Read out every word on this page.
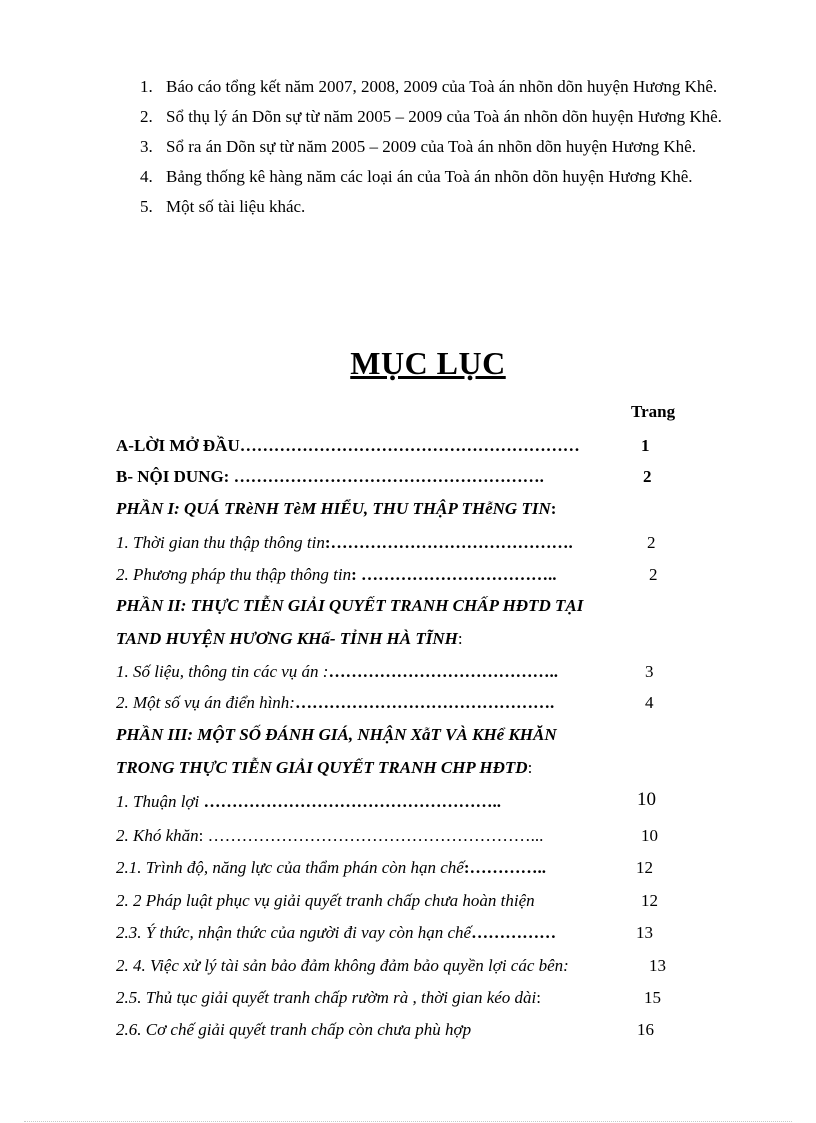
1. Báo cáo tổng kết năm 2007, 2008, 2009 của Toà án nhõn dõn huyện Hương Khê.
2. Sổ thụ lý án Dõn sự từ năm 2005 – 2009 của Toà án nhõn dõn huyện Hương Khê.
3. Sổ ra án Dõn sự từ năm 2005 – 2009 của Toà án nhõn dõn huyện Hương Khê.
4. Bảng thống kê hàng năm các loại án của Toà án nhõn dõn huyện Hương Khê.
5. Một số tài liệu khác.
MỤC LỤC
Trang
A-LỜI MỞ ĐẦU……………………………………………………	1
B- NỘI DUNG: ……………………………………………….	2
PHẦN I: QUÁ TRèNH TèM HIỂU, THU THẬP THễNG TIN:
1. Thời gian thu thập thông tin:…………………………………….	2
2. Phương pháp thu thập thông tin: ……………………………..	2
PHẦN II: THỰC TIỄN GIẢI QUYẾT TRANH CHẤP HĐTD TẠI
TAND HUYỆN HƯƠNG KHấ- TỈNH HÀ TĨNH:
1. Số liệu, thông tin các vụ án :…………………………………..	3
2. Một số vụ án điển hình:……………………………………….	4
PHẦN III: MỘT SỐ ĐÁNH GIÁ, NHẬN XẫT VÀ KHể KHĂN
TRONG THỰC TIỄN GIẢI QUYẾT TRANH CHP HĐTD:
1. Thuận lợi ……………………………………………..	10
2. Khó khăn: …………………………………………………...	10
2.1. Trình độ, năng lực của thẩm phán còn hạn chế:…………..	12
2. 2 Pháp luật phục vụ giải quyết tranh chấp chưa hoàn thiện	12
2.3. Ý thức, nhận thức của người đi vay còn hạn chế……………	13
2. 4. Việc xử lý tài sản bảo đảm không đảm bảo quyền lợi các bên:	13
2.5. Thủ tục giải quyết tranh chấp rườm rà , thời gian kéo dài:	15
2.6. Cơ chế giải quyết tranh chấp còn chưa phù hợp	16
